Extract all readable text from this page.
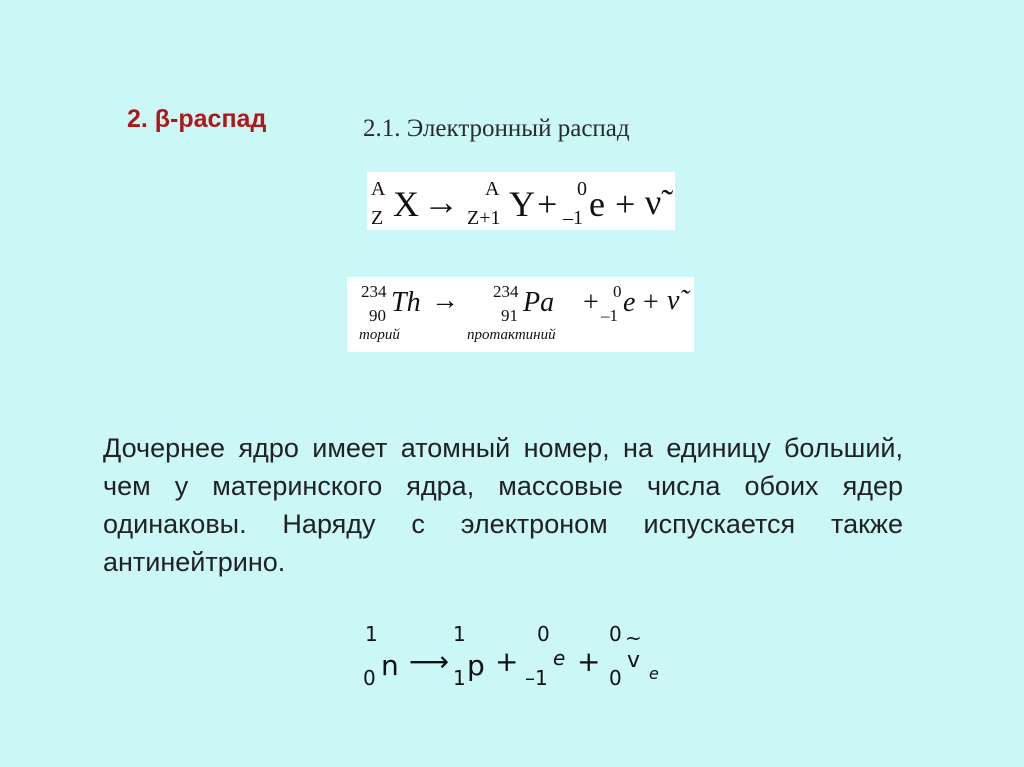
2. β-распад	2.1. Электронный распад
A
Z X → A
Z+1 Y + 0
–1 e + ν̃
234
90 Th → 234
91 Pa + 0
–1 e + ν̃
торий	протактиний
Дочернее ядро имеет атомный номер, на единицу больший, чем у материнского ядра, массовые числа обоих ядер одинаковы. Наряду с электроном испускается также антинейтрино.
1
0 n ⟶
1
1 p +
0
–1
e +
0
0
~
v
e
